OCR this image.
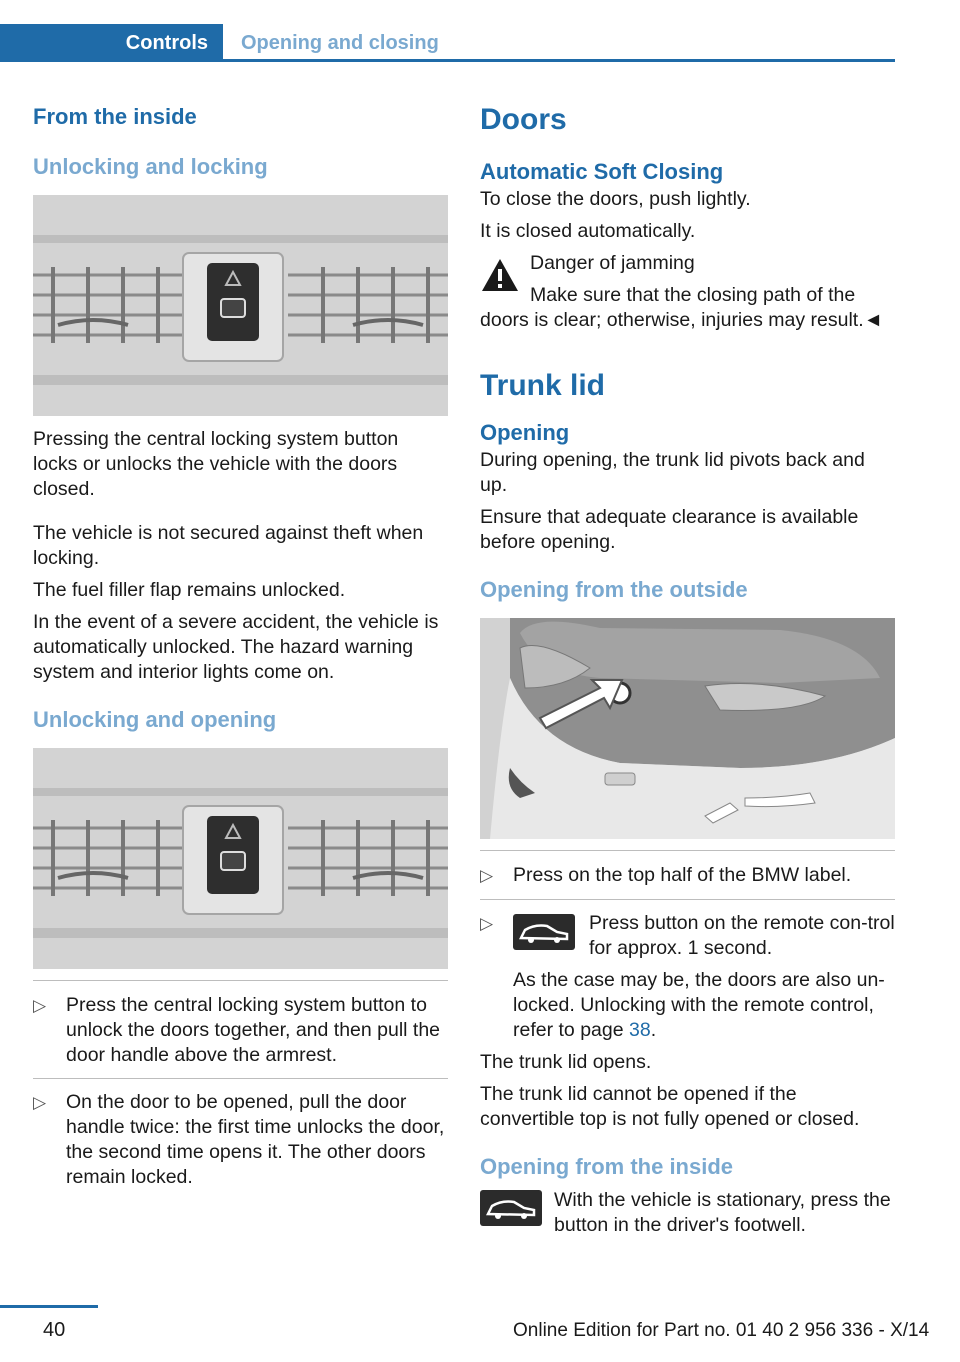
Controls	Opening and closing
From the inside
Unlocking and locking

Pressing the central locking system button locks or unlocks the vehicle with the doors closed.

The vehicle is not secured against theft when locking.

The fuel filler flap remains unlocked.

In the event of a severe accident, the vehicle is automatically unlocked. The hazard warning system and interior lights come on.

Unlocking and opening
▷ Press the central locking system button to unlock the doors together, and then pull the door handle above the armrest.
▷ On the door to be opened, pull the door handle twice: the first time unlocks the door, the second time opens it. The other doors remain locked.
Doors
Automatic Soft Closing

To close the doors, push lightly.

It is closed automatically.

Danger of jamming

Make sure that the closing path of the doors is clear; otherwise, injuries may result.◄

Trunk lid
Opening

During opening, the trunk lid pivots back and up.

Ensure that adequate clearance is available before opening.

Opening from the outside
▷ Press on the top half of the BMW label.
▷	Press button on the remote con-trol for approx. 1 second.

As the case may be, the doors are also un-locked. Unlocking with the remote control, refer to page 38.

The trunk lid opens.

The trunk lid cannot be opened if the convertible top is not fully opened or closed.

Opening from the inside

With the vehicle is stationary, press the button in the driver's footwell.

40	Online Edition for Part no. 01 40 2 956 336 - X/14
